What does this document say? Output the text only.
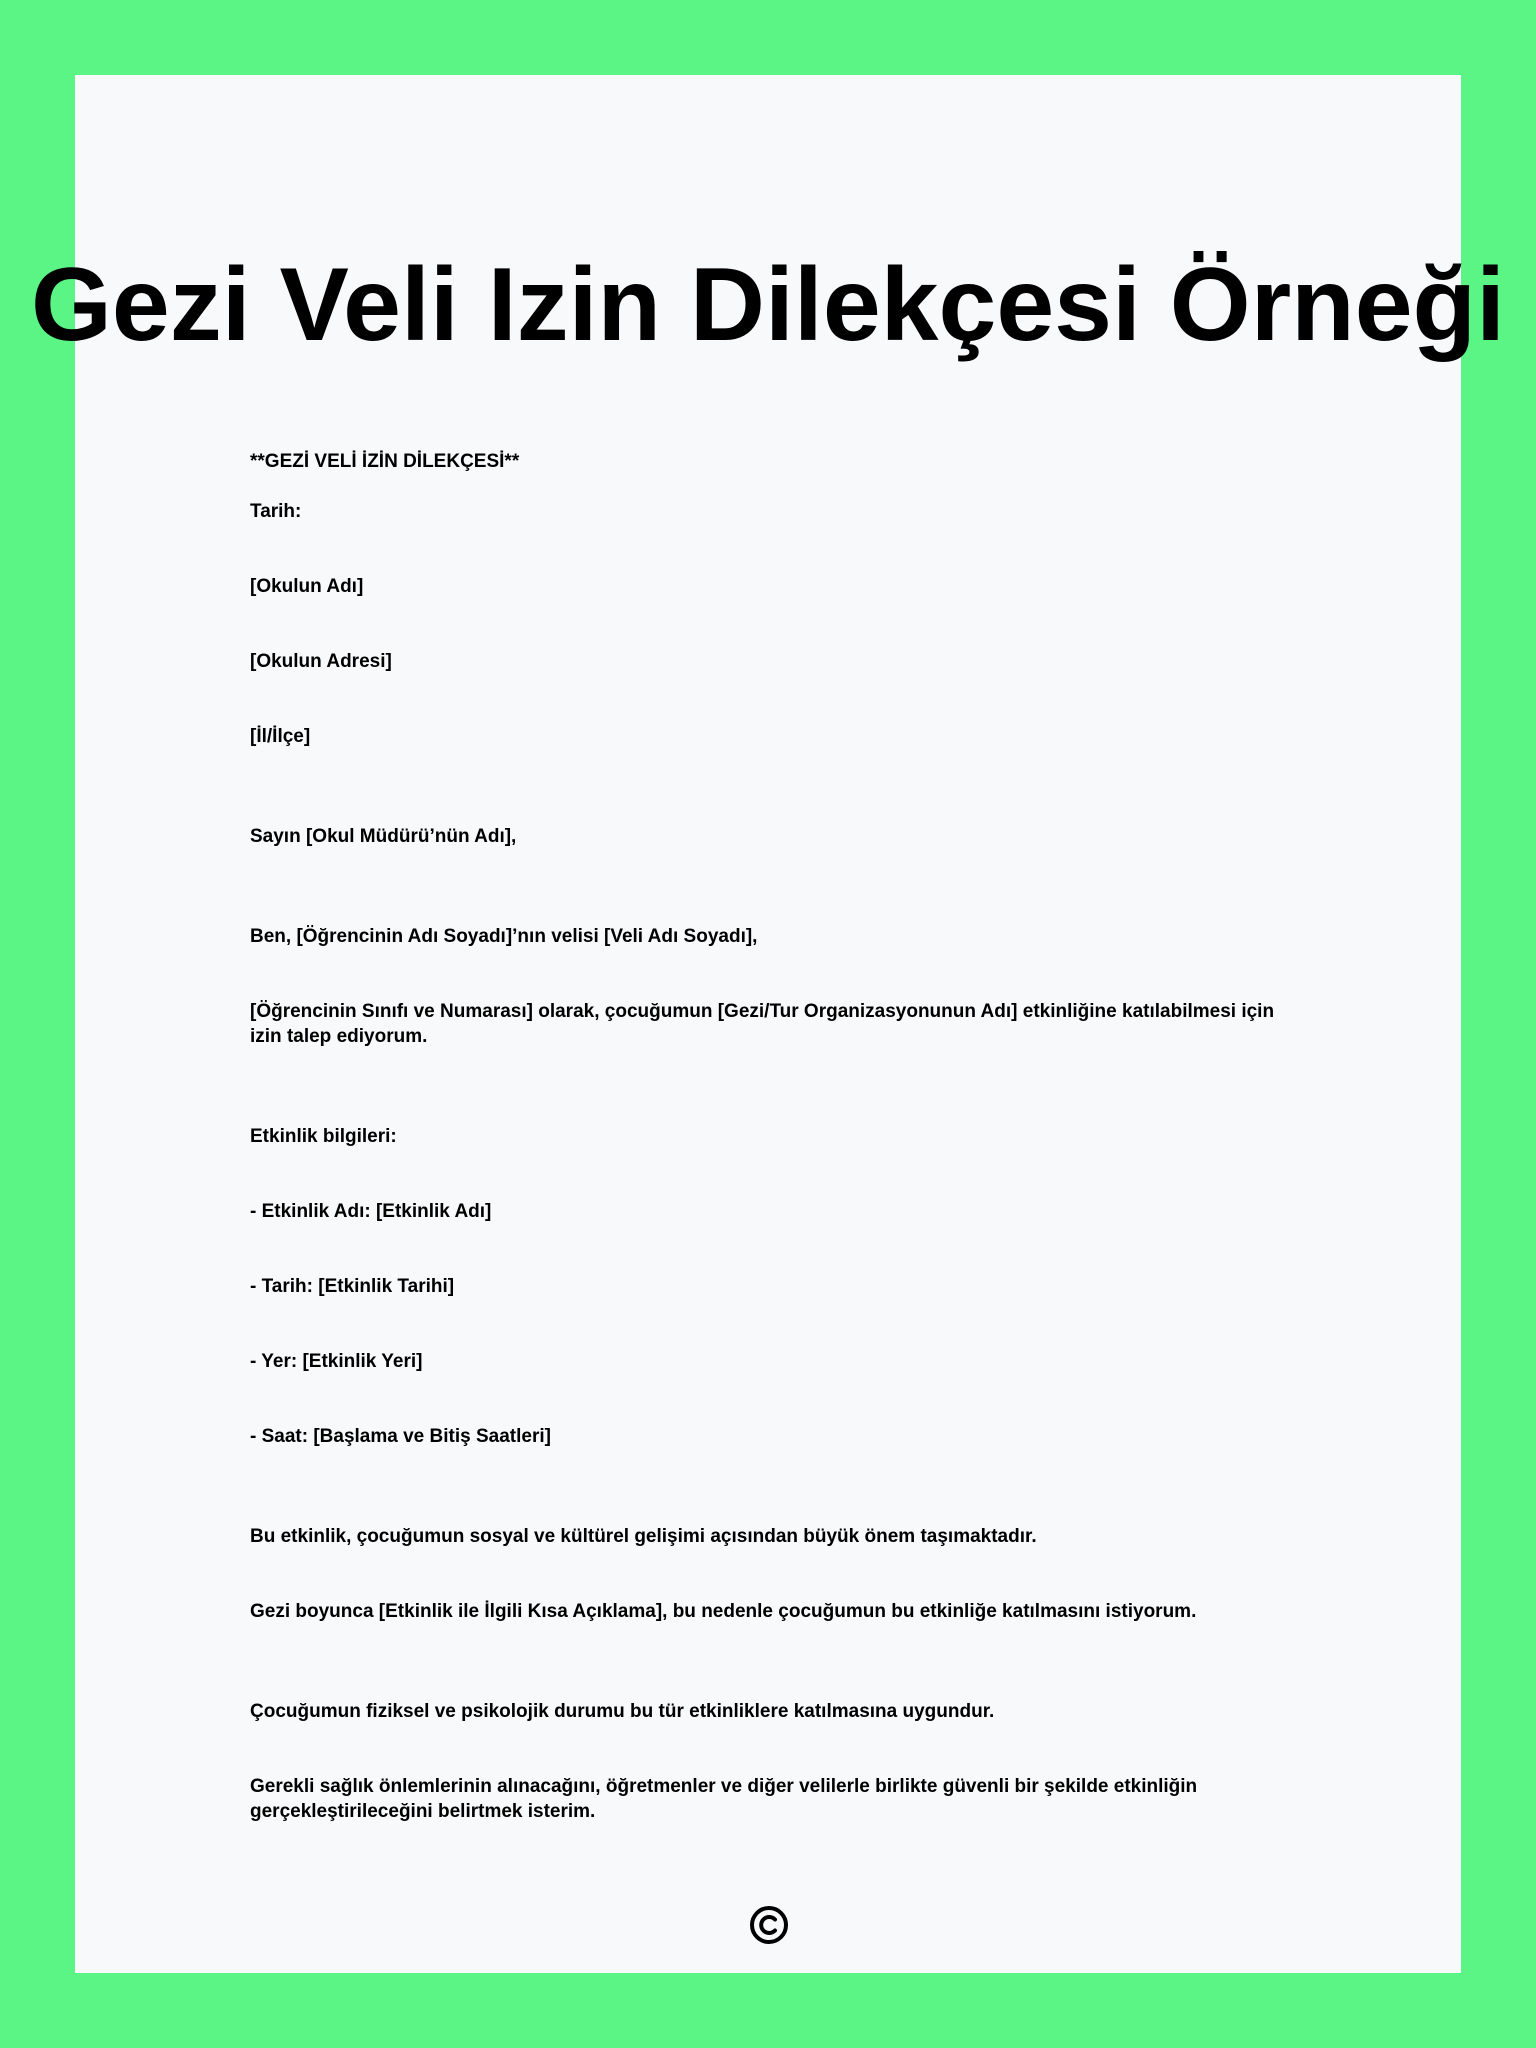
Gezi Veli Izin Dilekçesi Örneği

**GEZİ VELİ İZİN DİLEKÇESİ**

Tarih:

[Okulun Adı]

[Okulun Adresi]

[İl/İlçe]

Sayın [Okul Müdürü’nün Adı],

Ben, [Öğrencinin Adı Soyadı]’nın velisi [Veli Adı Soyadı],

[Öğrencinin Sınıfı ve Numarası] olarak, çocuğumun [Gezi/Tur Organizasyonunun Adı] etkinliğine katılabilmesi için izin talep ediyorum.

Etkinlik bilgileri:

- Etkinlik Adı: [Etkinlik Adı]

- Tarih: [Etkinlik Tarihi]

- Yer: [Etkinlik Yeri]

- Saat: [Başlama ve Bitiş Saatleri]

Bu etkinlik, çocuğumun sosyal ve kültürel gelişimi açısından büyük önem taşımaktadır.

Gezi boyunca [Etkinlik ile İlgili Kısa Açıklama], bu nedenle çocuğumun bu etkinliğe katılmasını istiyorum.

Çocuğumun fiziksel ve psikolojik durumu bu tür etkinliklere katılmasına uygundur.

Gerekli sağlık önlemlerinin alınacağını, öğretmenler ve diğer velilerle birlikte güvenli bir şekilde etkinliğin gerçekleştirileceğini belirtmek isterim.
